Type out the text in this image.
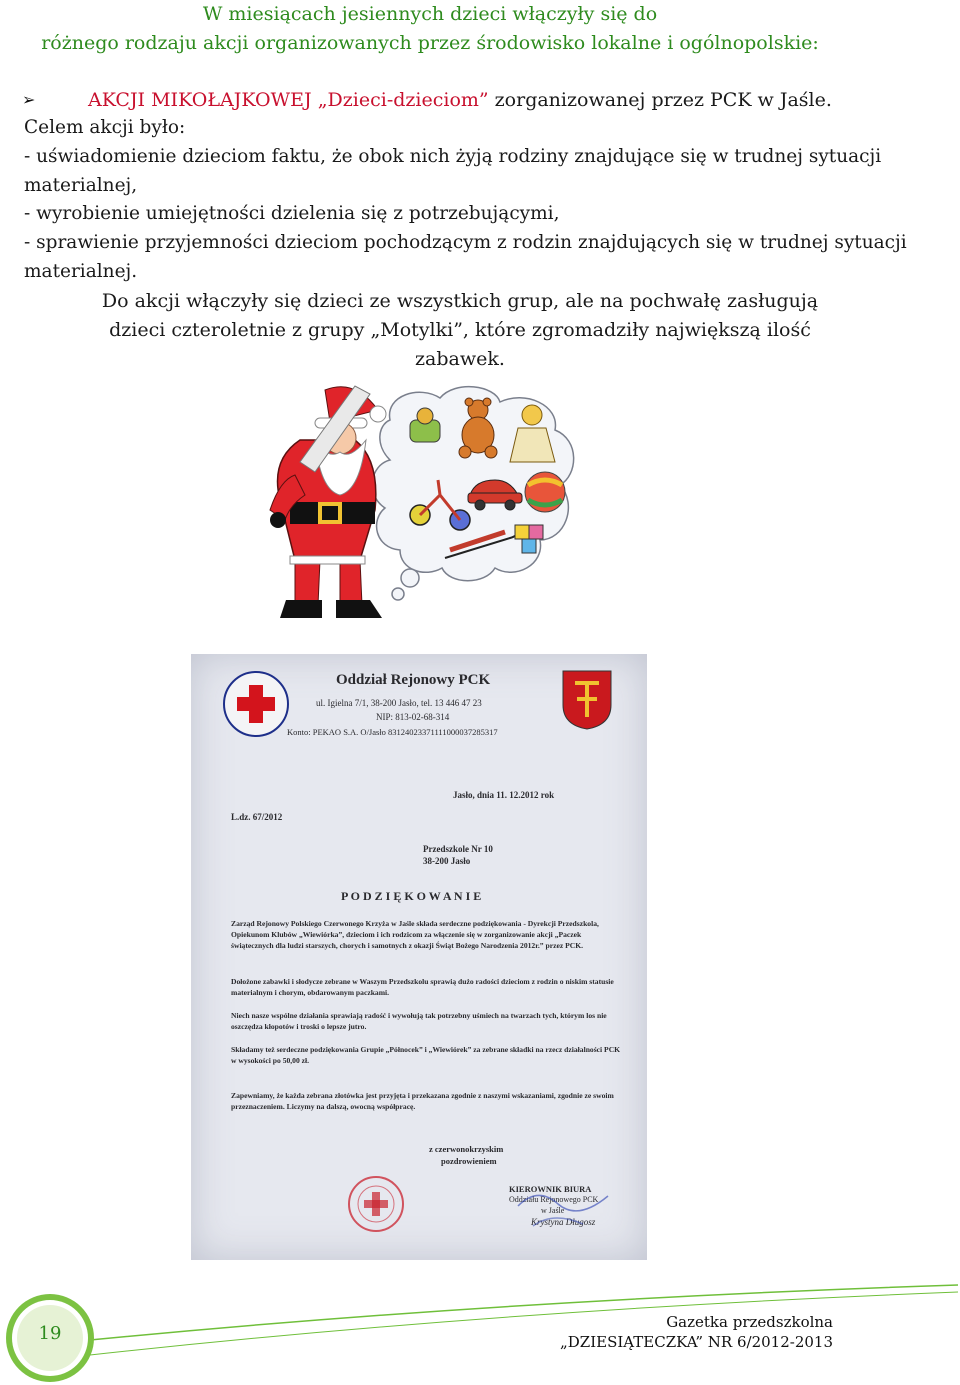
W miesiącach jesiennych dzieci włączyły się do
różnego rodzaju akcji organizowanych przez środowisko lokalne i ogólnopolskie:
➢	AKCJI MIKOŁAJKOWEJ „Dzieci-dzieciom” zorganizowanej przez PCK w Jaśle.

Celem akcji było:

- uświadomienie dzieciom faktu, że obok nich żyją rodziny znajdujące się w trudnej sytuacji materialnej,

- wyrobienie umiejętności dzielenia się z potrzebującymi,

- sprawienie przyjemności dzieciom pochodzącym z rodzin znajdujących się w trudnej sytuacji materialnej.

Do akcji włączyły się dzieci ze wszystkich grup, ale na pochwałę zasługują
dzieci czteroletnie z grupy „Motylki”, które zgromadziły największą ilość
zabawek.
Oddział Rejonowy PCK
ul. Igielna 7/1, 38-200 Jasło, tel. 13 446 47 23
NIP: 813-02-68-314
Konto: PEKAO S.A. O/Jasło 83124023371111000037285317
Jasło, dnia 11. 12.2012 rok
L.dz. 67/2012
Przedszkole Nr 10
38-200 Jasło
P O D Z I Ę K O W A N I E
Zarząd Rejonowy Polskiego Czerwonego Krzyża w Jaśle składa serdeczne podziękowania - Dyrekcji Przedszkola, Opiekunom Klubów „Wiewiórka”, dzieciom i ich rodzicom za włączenie się w zorganizowanie akcji „Paczek świątecznych dla ludzi starszych, chorych i samotnych z okazji Świąt Bożego Narodzenia 2012r.” przez PCK.
Dołożone zabawki i słodycze zebrane w Waszym Przedszkolu sprawią dużo radości dzieciom z rodzin o niskim statusie materialnym i chorym, obdarowanym paczkami.
Niech nasze wspólne działania sprawiają radość i wywołują tak potrzebny uśmiech na twarzach tych, którym los nie oszczędza kłopotów i troski o lepsze jutro.
Składamy też serdeczne podziękowania Grupie „Północek” i „Wiewiórek” za zebrane składki na rzecz działalności PCK w wysokości po 50,00 zł.
Zapewniamy, że każda zebrana złotówka jest przyjęta i przekazana zgodnie z naszymi wskazaniami, zgodnie ze swoim przeznaczeniem. Liczymy na dalszą, owocną współpracę.
z czerwonokrzyskim
pozdrowieniem
KIEROWNIK BIURA
Oddziału Rejonowego PCK
w Jaśle
Krystyna Długosz
19
Gazetka przedszkolna
„DZIESIĄTECZKA” NR 6/2012-2013
